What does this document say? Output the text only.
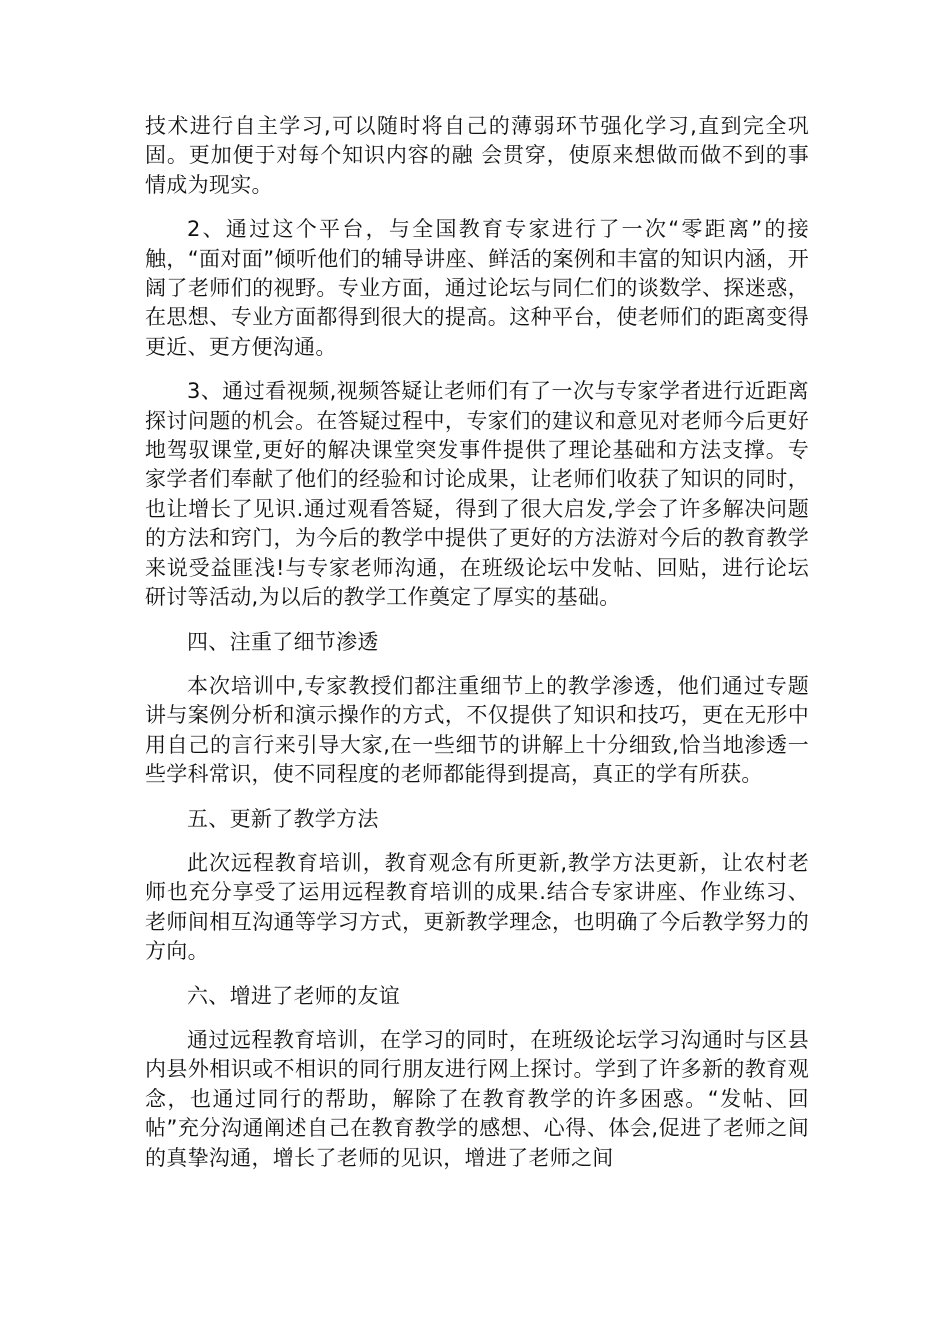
技术进行自主学习,可以随时将自己的薄弱环节强化学习,直到完全巩固。更加便于对每个知识内容的融 会贯穿，使原来想做而做不到的事情成为现实。

2、通过这个平台，与全国教育专家进行了一次“零距离”的接触，“面对面”倾听他们的辅导讲座、鲜活的案例和丰富的知识内涵，开阔了老师们的视野。专业方面，通过论坛与同仁们的谈数学、探迷惑，在思想、专业方面都得到很大的提高。这种平台，使老师们的距离变得更近、更方便沟通。

3、通过看视频,视频答疑让老师们有了一次与专家学者进行近距离探讨问题的机会。在答疑过程中，专家们的建议和意见对老师今后更好地驾驭课堂,更好的解决课堂突发事件提供了理论基础和方法支撑。专家学者们奉献了他们的经验和讨论成果，让老师们收获了知识的同时，也让增长了见识.通过观看答疑，得到了很大启发,学会了许多解决问题的方法和窍门，为今后的教学中提供了更好的方法游对今后的教育教学来说受益匪浅!与专家老师沟通，在班级论坛中发帖、回贴，进行论坛研讨等活动,为以后的教学工作奠定了厚实的基础。

四、注重了细节渗透

本次培训中,专家教授们都注重细节上的教学渗透，他们通过专题讲与案例分析和演示操作的方式，不仅提供了知识和技巧，更在无形中用自己的言行来引导大家,在一些细节的讲解上十分细致,恰当地渗透一些学科常识，使不同程度的老师都能得到提高，真正的学有所获。

五、更新了教学方法

此次远程教育培训，教育观念有所更新,教学方法更新，让农村老师也充分享受了运用远程教育培训的成果.结合专家讲座、作业练习、老师间相互沟通等学习方式，更新教学理念，也明确了今后教学努力的方向。

六、增进了老师的友谊

通过远程教育培训，在学习的同时，在班级论坛学习沟通时与区县内县外相识或不相识的同行朋友进行网上探讨。学到了许多新的教育观念，也通过同行的帮助，解除了在教育教学的许多困惑。“发帖、回帖”充分沟通阐述自己在教育教学的感想、心得、体会,促进了老师之间的真挚沟通，增长了老师的见识，增进了老师之间
